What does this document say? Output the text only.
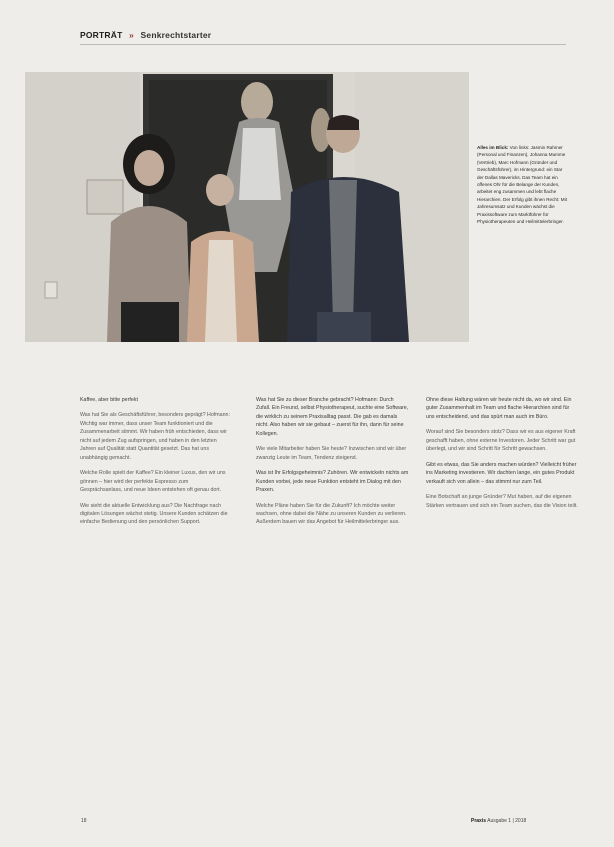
PORTRÄT » Senkrechtstarter
Alles im Blick: Von links: Jasmin Rahmer (Personal und Finanzen), Johanna Mumme (Vertrieb), Marc Hofmann (Gründer und Geschäftsführer), im Hintergrund: ein Star der Dallas Mavericks. Das Team hat ein offenes Ohr für die Belange der Kunden, arbeitet eng zusammen und lebt flache Hierarchien. Der Erfolg gibt ihnen Recht: Mit Jahresumsatz und Kunden wächst die Praxissoftware zum Marktführer für Physiotherapeuten und Heilmittelerbringer.

Kaffee, aber bitte perfekt

Was hat Sie als Geschäftsführer, besonders geprägt? Hofmann: Wichtig war immer, dass unser Team funktioniert und die Zusammenarbeit stimmt. Wir haben früh entschieden, dass wir nicht auf jedem Zug aufspringen, und haben in den letzten Jahren auf Qualität statt Quantität gesetzt. Das hat uns unabhängig gemacht.

Welche Rolle spielt der Kaffee? Ein kleiner Luxus, den wir uns gönnen – hier wird der perfekte Espresso zum Gesprächsanlass, und neue Ideen entstehen oft genau dort.

Wie sieht die aktuelle Entwicklung aus? Die Nachfrage nach digitalen Lösungen wächst stetig. Unsere Kunden schätzen die einfache Bedienung und den persönlichen Support.

Was hat Sie zu dieser Branche gebracht? Hofmann: Durch Zufall. Ein Freund, selbst Physiotherapeut, suchte eine Software, die wirklich zu seinem Praxisalltag passt. Die gab es damals nicht. Also haben wir sie gebaut – zuerst für ihn, dann für seine Kollegen.

Wie viele Mitarbeiter haben Sie heute? Inzwischen sind wir über zwanzig Leute im Team, Tendenz steigend.

Was ist Ihr Erfolgsgeheimnis? Zuhören. Wir entwickeln nichts am Kunden vorbei, jede neue Funktion entsteht im Dialog mit den Praxen.

Welche Pläne haben Sie für die Zukunft? Ich möchte weiter wachsen, ohne dabei die Nähe zu unseren Kunden zu verlieren. Außerdem bauen wir das Angebot für Heilmittelerbringer aus.

Ohne diese Haltung wären wir heute nicht da, wo wir sind. Ein guter Zusammenhalt im Team und flache Hierarchien sind für uns entscheidend, und das spürt man auch im Büro.

Worauf sind Sie besonders stolz? Dass wir es aus eigener Kraft geschafft haben, ohne externe Investoren. Jeder Schritt war gut überlegt, und wir sind Schritt für Schritt gewachsen.

Gibt es etwas, das Sie anders machen würden? Vielleicht früher ins Marketing investieren. Wir dachten lange, ein gutes Produkt verkauft sich von allein – das stimmt nur zum Teil.

Eine Botschaft an junge Gründer? Mut haben, auf die eigenen Stärken vertrauen und sich ein Team suchen, das die Vision teilt.

18	Praxis Ausgabe 1 | 2018
